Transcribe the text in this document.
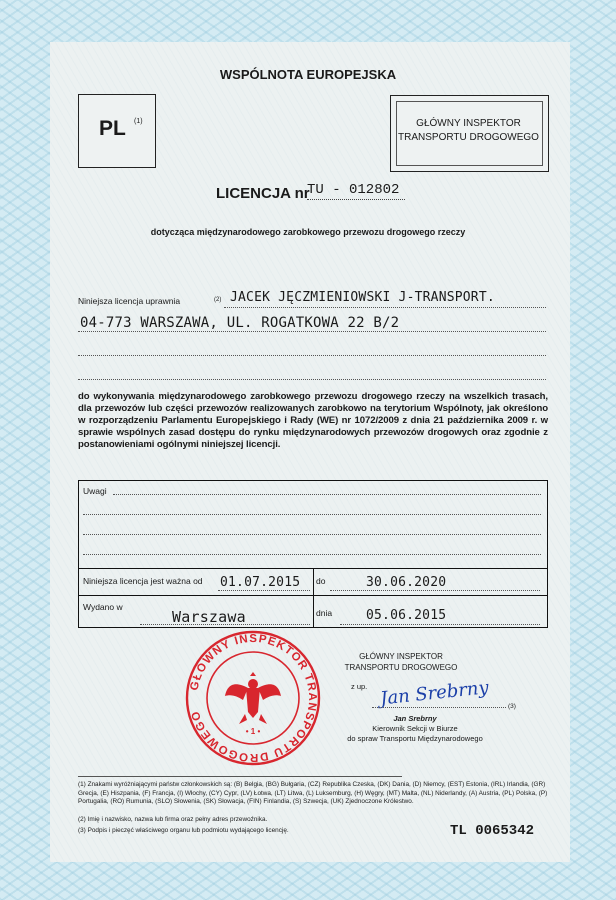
WSPÓLNOTA EUROPEJSKA
PL (1)	GŁÓWNY INSPEKTOR
TRANSPORTU DROGOWEGO
LICENCJA nr
TU - 012802
dotycząca międzynarodowego zarobkowego przewozu drogowego rzeczy
Niniejsza licencja uprawnia	(2) JACEK JĘCZMIENIOWSKI J-TRANSPORT.
04-773 WARSZAWA, UL. ROGATKOWA 22 B/2
do wykonywania międzynarodowego zarobkowego przewozu drogowego rzeczy na wszelkich trasach, dla przewozów lub części przewozów realizowanych zarobkowo na terytorium Wspólnoty, jak określono w rozporządzeniu Parlamentu Europejskiego i Rady (WE) nr 1072/2009 z dnia 21 października 2009 r. w sprawie wspólnych zasad dostępu do rynku międzynarodowych przewozów drogowych oraz zgodnie z postanowieniami ogólnymi niniejszej licencji.
Uwagi
Niniejsza licencja jest ważna od 01.07.2015 do	30.06.2020
Wydano w
Warszawa	dnia	05.06.2015
GŁÓWNY INSPEKTOR TRANSPORTU DROGOWEGO
• 1 •
GŁÓWNY INSPEKTOR
TRANSPORTU DROGOWEGO
z up. Jan Srebrny	(3)
Jan Srebrny
Kierownik Sekcji w Biurze
do spraw Transportu Międzynarodowego
(1) Znakami wyróżniającymi państw członkowskich są: (B) Belgia, (BG) Bułgaria, (CZ) Republika Czeska, (DK) Dania, (D) Niemcy, (EST) Estonia, (IRL) Irlandia, (GR) Grecja, (E) Hiszpania, (F) Francja, (I) Włochy, (CY) Cypr, (LV) Łotwa, (LT) Litwa, (L) Luksemburg, (H) Węgry, (MT) Malta, (NL) Niderlandy, (A) Austria, (PL) Polska, (P) Portugalia, (RO) Rumunia, (SLO) Słowenia, (SK) Słowacja, (FIN) Finlandia, (S) Szwecja, (UK) Zjednoczone Królestwo.
(2) Imię i nazwisko, nazwa lub firma oraz pełny adres przewoźnika.
(3) Podpis i pieczęć właściwego organu lub podmiotu wydającego licencję.	TL 0065342
